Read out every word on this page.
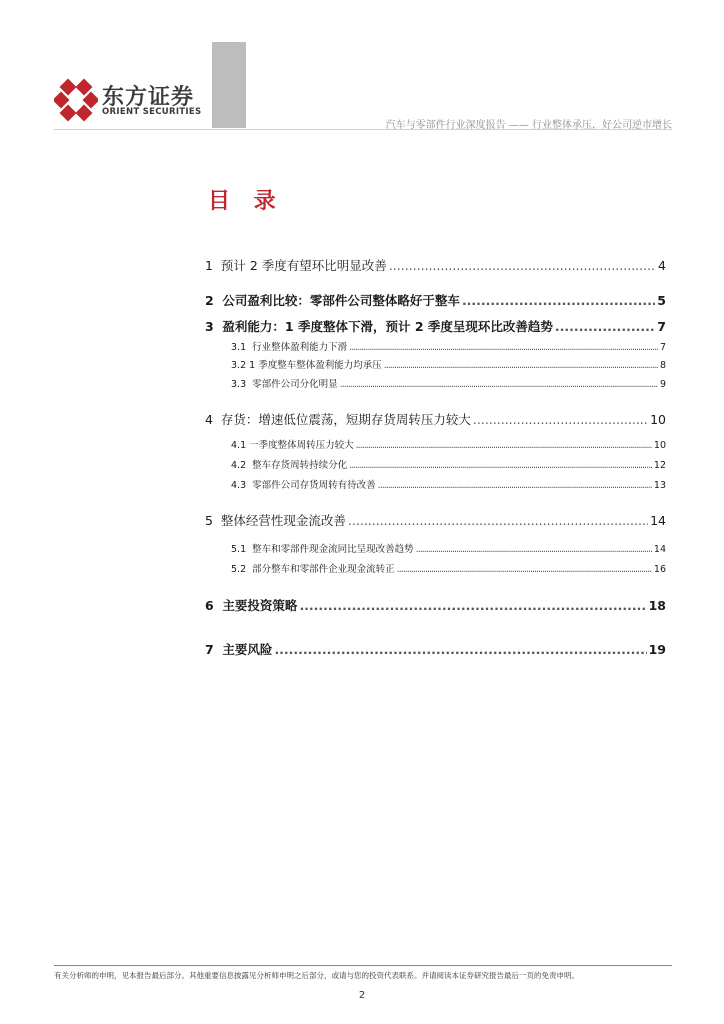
东方证券
ORIENT SECURITIES
汽车与零部件行业深度报告 —— 行业整体承压，好公司逆市增长
目 录
1 预计 2 季度有望环比明显改善 .....	4
2 公司盈利比较：零部件公司整体略好于整车 .....	5
3 盈利能力：1 季度整体下滑，预计 2 季度呈现环比改善趋势 .....	7
3.1 行业整体盈利能力下滑 .....	7
3.2 1 季度整车整体盈利能力均承压 .....	8
3.3 零部件公司分化明显 .....	9
4 存货：增速低位震荡，短期存货周转压力较大 .....	10
4.1 一季度整体周转压力较大 .....	10
4.2 整车存货周转持续分化 .....	12
4.3 零部件公司存货周转有待改善 .....	13
5 整体经营性现金流改善 .....	14
5.1 整车和零部件现金流同比呈现改善趋势 .....	14
5.2 部分整车和零部件企业现金流转正 .....	16
6 主要投资策略 .....	18
7 主要风险 .....	19
有关分析师的申明，见本报告最后部分。其他重要信息披露见分析师申明之后部分，或请与您的投资代表联系。并请阅读本证券研究报告最后一页的免责申明。
2
